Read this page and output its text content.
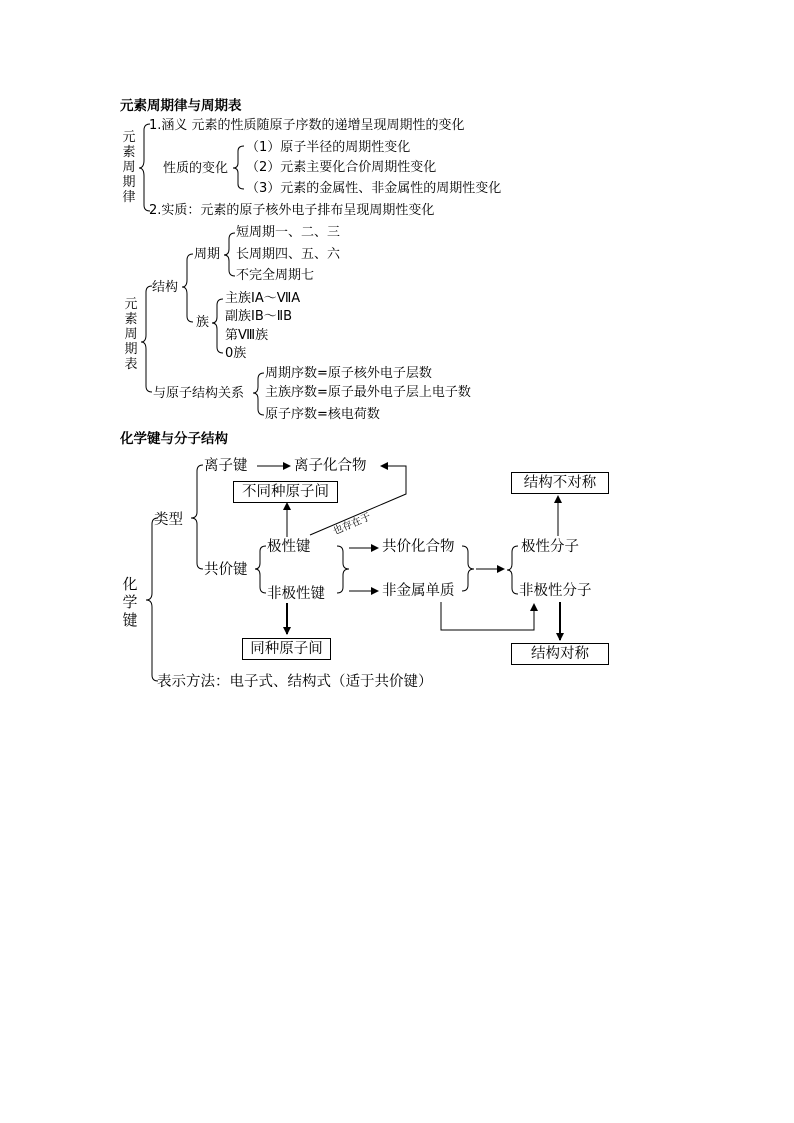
元素周期律与周期表
元素周期律
1.涵义 元素的性质随原子序数的递增呈现周期性的变化
性质的变化
（1）原子半径的周期性变化
（2）元素主要化合价周期性变化
（3）元素的金属性、非金属性的周期性变化
2.实质：元素的原子核外电子排布呈现周期性变化
元素周期表
结构
周期
短周期一、二、三
长周期四、五、六
不完全周期七
族
主族ⅠA～ⅦA
副族ⅠB～ⅡB
第Ⅷ族
0族
与原子结构关系
周期序数=原子核外电子层数
主族序数=原子最外电子层上电子数
原子序数=核电荷数
化学键与分子结构
化学键
类型
离子键	离子化合物
不同种原子间
也存在于
共价键
极性键
非极性键
共价化合物
非金属单质
同种原子间
极性分子
非极性分子
结构不对称
结构对称
表示方法：电子式、结构式（适于共价键）
